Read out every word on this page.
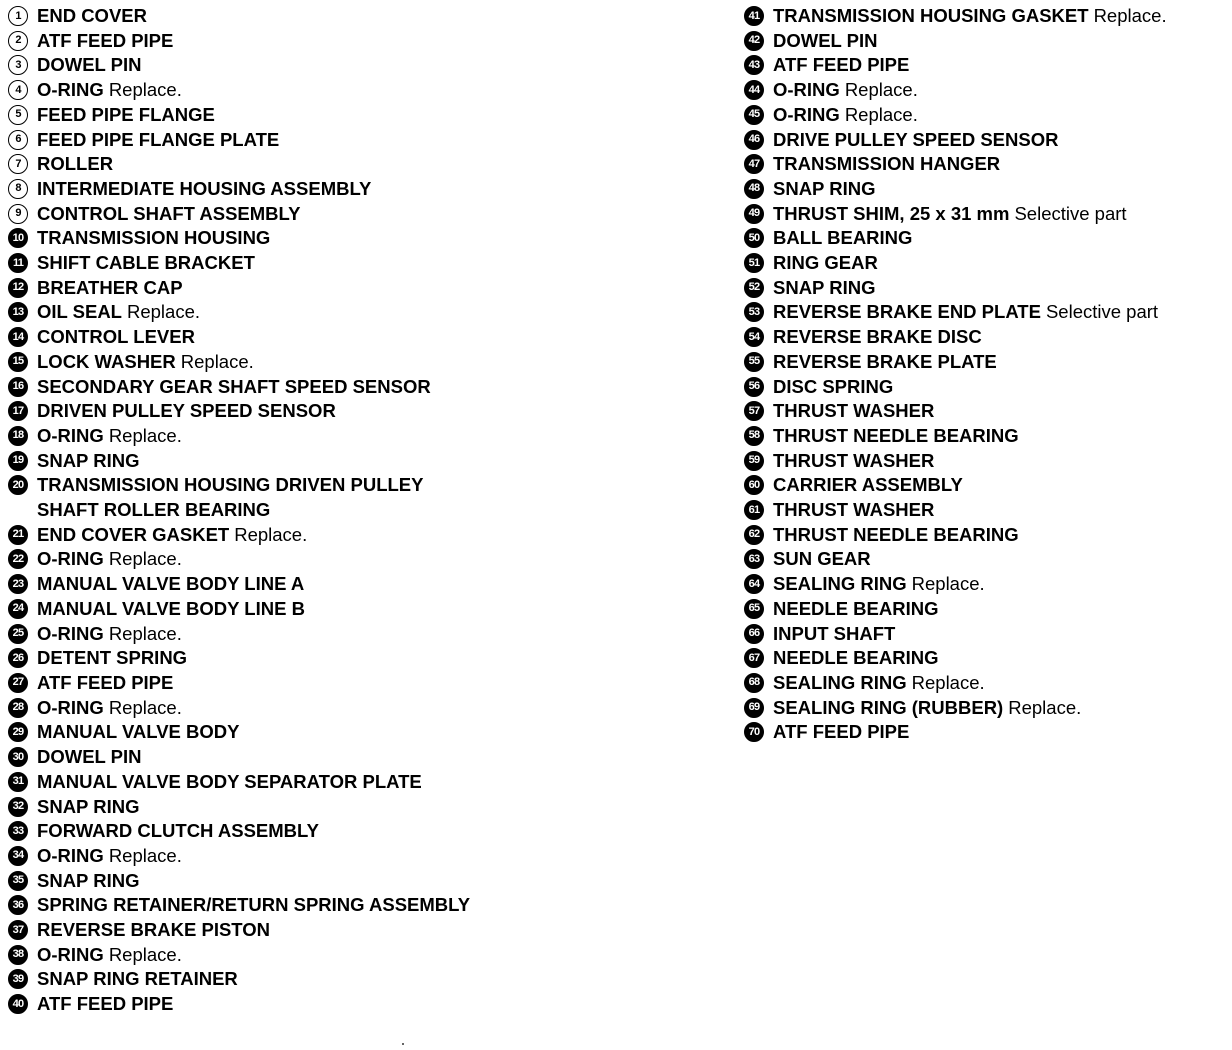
1 END COVER
2 ATF FEED PIPE
3 DOWEL PIN
4 O-RING Replace.
5 FEED PIPE FLANGE
6 FEED PIPE FLANGE PLATE
7 ROLLER
8 INTERMEDIATE HOUSING ASSEMBLY
9 CONTROL SHAFT ASSEMBLY
10 TRANSMISSION HOUSING
11 SHIFT CABLE BRACKET
12 BREATHER CAP
13 OIL SEAL Replace.
14 CONTROL LEVER
15 LOCK WASHER Replace.
16 SECONDARY GEAR SHAFT SPEED SENSOR
17 DRIVEN PULLEY SPEED SENSOR
18 O-RING Replace.
19 SNAP RING
20 TRANSMISSION HOUSING DRIVEN PULLEY
SHAFT ROLLER BEARING
21 END COVER GASKET Replace.
22 O-RING Replace.
23 MANUAL VALVE BODY LINE A
24 MANUAL VALVE BODY LINE B
25 O-RING Replace.
26 DETENT SPRING
27 ATF FEED PIPE
28 O-RING Replace.
29 MANUAL VALVE BODY
30 DOWEL PIN
31 MANUAL VALVE BODY SEPARATOR PLATE
32 SNAP RING
33 FORWARD CLUTCH ASSEMBLY
34 O-RING Replace.
35 SNAP RING
36 SPRING RETAINER/RETURN SPRING ASSEMBLY
37 REVERSE BRAKE PISTON
38 O-RING Replace.
39 SNAP RING RETAINER
40 ATF FEED PIPE
41 TRANSMISSION HOUSING GASKET Replace.
42 DOWEL PIN
43 ATF FEED PIPE
44 O-RING Replace.
45 O-RING Replace.
46 DRIVE PULLEY SPEED SENSOR
47 TRANSMISSION HANGER
48 SNAP RING
49 THRUST SHIM, 25 x 31 mm Selective part
50 BALL BEARING
51 RING GEAR
52 SNAP RING
53 REVERSE BRAKE END PLATE Selective part
54 REVERSE BRAKE DISC
55 REVERSE BRAKE PLATE
56 DISC SPRING
57 THRUST WASHER
58 THRUST NEEDLE BEARING
59 THRUST WASHER
60 CARRIER ASSEMBLY
61 THRUST WASHER
62 THRUST NEEDLE BEARING
63 SUN GEAR
64 SEALING RING Replace.
65 NEEDLE BEARING
66 INPUT SHAFT
67 NEEDLE BEARING
68 SEALING RING Replace.
69 SEALING RING (RUBBER) Replace.
70 ATF FEED PIPE
